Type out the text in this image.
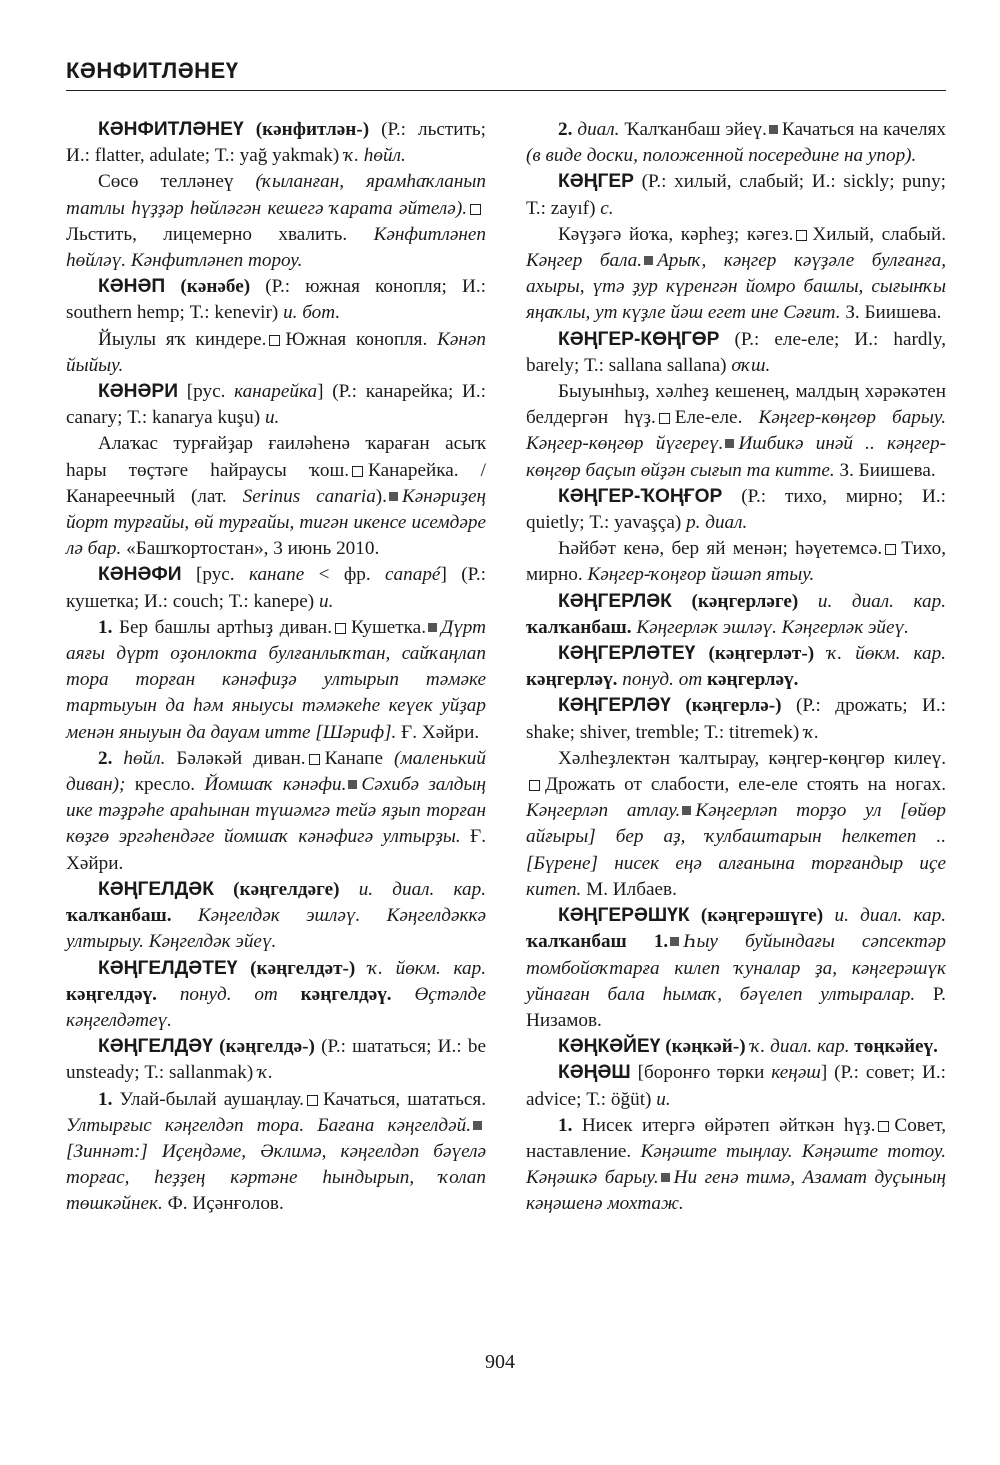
КӘНФИТЛӘНЕҮ

КӘНФИТЛӘНЕҮ (кәнфитлән-) (Р.: льстить; И.: flatter, adulate; Т.: yağ yakmak) ҡ. һөйл.

Сөсө телләнеү (ҡыланған, ярамһаҡланып татлы һүҙҙәр һөйләгән кешегә ҡарата әйтелә).Льстить, лицемерно хвалить. Кәнфитләнеп һөйләү. Кәнфитләнеп тороу.

КӘНӘП (кәнәбе) (Р.: южная конопля; И.: southern hemp; Т.: kenevir) и. бот.

Йыулы яҡ киндере. Южная конопля. Кәнәп йыйыу.

КӘНӘРИ [рус. канарейка] (Р.: канарейка; И.: canary; Т.: kanarya kuşu) и.

Алаҡас турғайҙар ғаиләһенә ҡараған асыҡ һары төҫтәге һайраусы ҡош. Канарейка. / Канареечный (лат. Serinus canaria). Кәнәриҙең йорт турғайы, өй турғайы, тигән икенсе исемдәре лә бар. «Башҡортостан», 3 июнь 2010.

КӘНӘФИ [рус. канапе < фр. canapé] (Р.: кушетка; И.: couch; Т.: kanepe) и.

1. Бер башлы артһыҙ диван. Кушетка. Дүрт аяғы дүрт оҙонлокта булғанлыҡтан, сайҡаңлап тора торған кәнәфиҙә ултырып тәмәке тартыуын да һәм яныусы тәмәкеһе кеүек уйҙар менән яныуын да дауам итте [Шәриф]. Ғ. Хәйри.

2. һөйл. Бәләкәй диван. Канапе (маленький диван); кресло. Йомшаҡ кәнәфи. Сәхибә залдың ике тәҙрәһе араһынан түшәмгә тейә яҙып торған көҙгө эргәһендәге йомшаҡ кәнәфигә ултырҙы. Ғ. Хәйри.

КӘҢГЕЛДӘК (кәңгелдәге) и. диал. кар. ҡалҡанбаш. Кәңгелдәк эшләү. Кәңгелдәккә ултырыу. Кәңгелдәк эйеү.

КӘҢГЕЛДӘТЕҮ (кәңгелдәт-) ҡ. йөкм. кар. кәңгелдәү. понуд. от кәңгелдәү. Өҫтәлде кәңгелдәтеү.

КӘҢГЕЛДӘҮ (кәңгелдә-) (Р.: шататься; И.: be unsteady; Т.: sallanmak) ҡ.

1. Улай-былай аушаңлау. Качаться, шататься. Ултырғыс кәңгелдәп тора. Бағана кәңгелдәй.[Зиннәт:] Иҫеңдәме, Әклимә, кәңгелдәп бәүелә торғас, һеҙҙең кәртәне һындырып, ҡолап төшкәйнек. Ф. Иҫәнғолов.

2. диал. Ҡалҡанбаш эйеү. Качаться на качелях (в виде доски, положенной посередине на упор).

КӘҢГЕР (Р.: хилый, слабый; И.: sickly; puny; Т.: zayıf) с.

Кәүҙәгә йоҡа, кәрһеҙ; кәгез. Хилый, слабый. Кәңгер бала. Арыҡ, кәңгер кәүҙәле булғанға, ахыры, үтә ҙур күренгән йомро башлы, сығынҡы яңаҡлы, ут күҙле йәш егет ине Сәғит. З. Биишева.

КӘҢГЕР-КӨҢГӨР (Р.: еле-еле; И.: hardly, barely; Т.: sallana sallana) оҡш.

Быуынһыҙ, хәлһеҙ кешенең, малдың хәрәкәтен белдергән һүҙ. Еле-еле. Кәңгер-көңгөр барыу. Кәңгер-көңгөр йүгереү. Ишбикә инәй .. кәңгер-көңгөр баҫып өйҙән сығып та китте. З. Биишева.

КӘҢГЕР-ҠОҢҒОР (Р.: тихо, мирно; И.: quietly; Т.: yavaşça) р. диал.

Һәйбәт кенә, бер яй менән; һәүетемсә. Тихо, мирно. Кәңгер-ҡоңғор йәшәп ятыу.

КӘҢГЕРЛӘК (кәңгерләге) и. диал. кар. ҡалҡанбаш. Кәңгерләк эшләү. Кәңгерләк эйеү.

КӘҢГЕРЛӘТЕҮ (кәңгерләт-) ҡ. йөкм. кар. кәңгерләү. понуд. от кәңгерләү.

КӘҢГЕРЛӘҮ (кәңгерлә-) (Р.: дрожать; И.: shake; shiver, tremble; Т.: titremek) ҡ.

Хәлһеҙлектән ҡалтырау, кәңгер-көңгөр килеү.Дрожать от слабости, еле-еле стоять на ногах. Кәңгерләп атлау. Кәңгерләп торҙо ул [өйөр айғыры] бер аҙ, ҡулбаштарын һелкетеп .. [Бүрене] нисек еңә алғанына торғандыр иҫе китеп. М. Илбаев.

КӘҢГЕРӘШҮК (кәңгерәшүге) и. диал. кар. ҡалҡанбаш 1. Һыу буйындағы сәпсектәр томбойоҡтарға килеп ҡуналар ҙа, кәңгерәшүк уйнаған бала һымаҡ, бәүелеп ултыралар. Р. Низамов.

КӘҢКӘЙЕҮ (кәңкәй-) ҡ. диал. кар. төңкәйеү.

КӘҢӘШ [боронғо төрки кеңәш] (Р.: совет; И.: advice; Т.: öğüt) и.

1. Нисек итергә өйрәтеп әйткән һүҙ. Совет, наставление. Кәңәште тыңлау. Кәңәште тотоу. Кәңәшкә барыу. Ни генә тимә, Азамат дуҫының кәңәшенә мохтаж.

904
